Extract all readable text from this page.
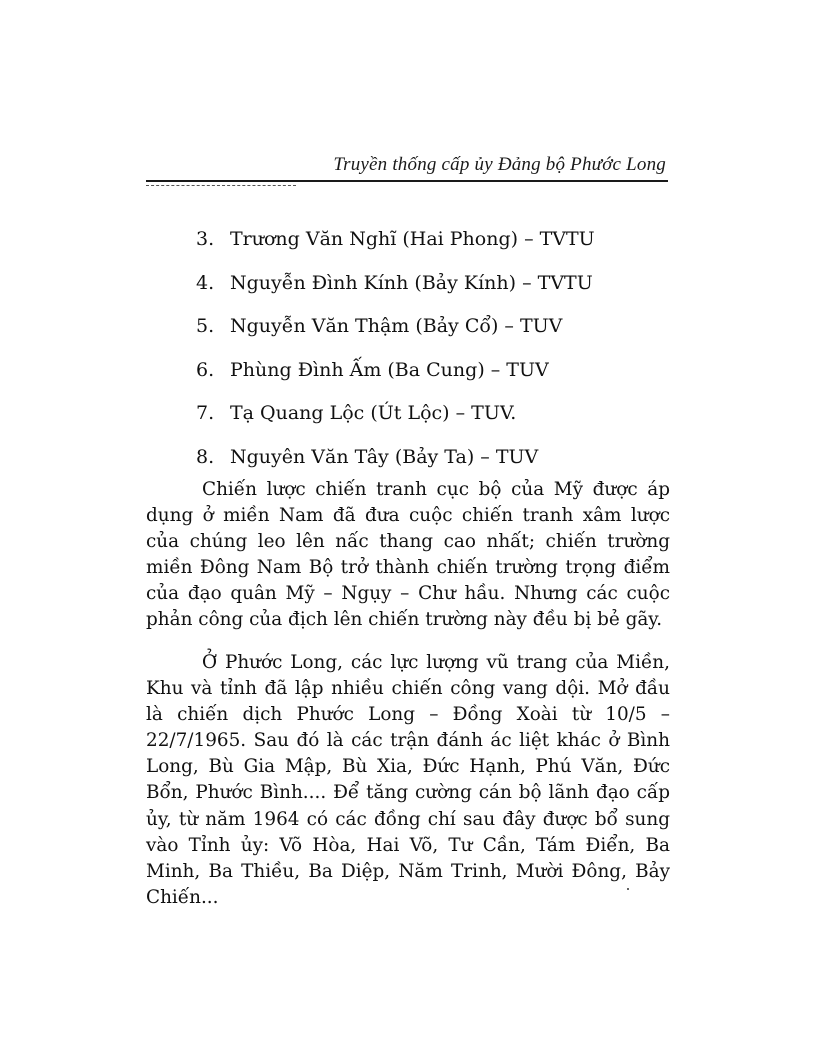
Truyền thống cấp ủy Đảng bộ Phước Long
3. Trương Văn Nghĩ (Hai Phong) – TVTU
4. Nguyễn Đình Kính (Bảy Kính) – TVTU
5. Nguyễn Văn Thậm (Bảy Cổ) – TUV
6. Phùng Đình Ấm (Ba Cung) – TUV
7. Tạ Quang Lộc (Út Lộc) – TUV.
8. Nguyên Văn Tây (Bảy Ta) – TUV

Chiến lược chiến tranh cục bộ của Mỹ được áp dụng ở miền Nam đã đưa cuộc chiến tranh xâm lược của chúng leo lên nấc thang cao nhất; chiến trường miền Đông Nam Bộ trở thành chiến trường trọng điểm của đạo quân Mỹ – Ngụy – Chư hầu. Nhưng các cuộc phản công của địch lên chiến trường này đều bị bẻ gãy.

Ở Phước Long, các lực lượng vũ trang của Miền, Khu và tỉnh đã lập nhiều chiến công vang dội. Mở đầu là chiến dịch Phước Long – Đồng Xoài từ 10/5 – 22/7/1965. Sau đó là các trận đánh ác liệt khác ở Bình Long, Bù Gia Mập, Bù Xia, Đức Hạnh, Phú Văn, Đức Bổn, Phước Bình.... Để tăng cường cán bộ lãnh đạo cấp ủy, từ năm 1964 có các đồng chí sau đây được bổ sung vào Tỉnh ủy: Võ Hòa, Hai Võ, Tư Cần, Tám Điển, Ba Minh, Ba Thiều, Ba Diệp, Năm Trinh, Mười Đông, Bảy Chiến...
